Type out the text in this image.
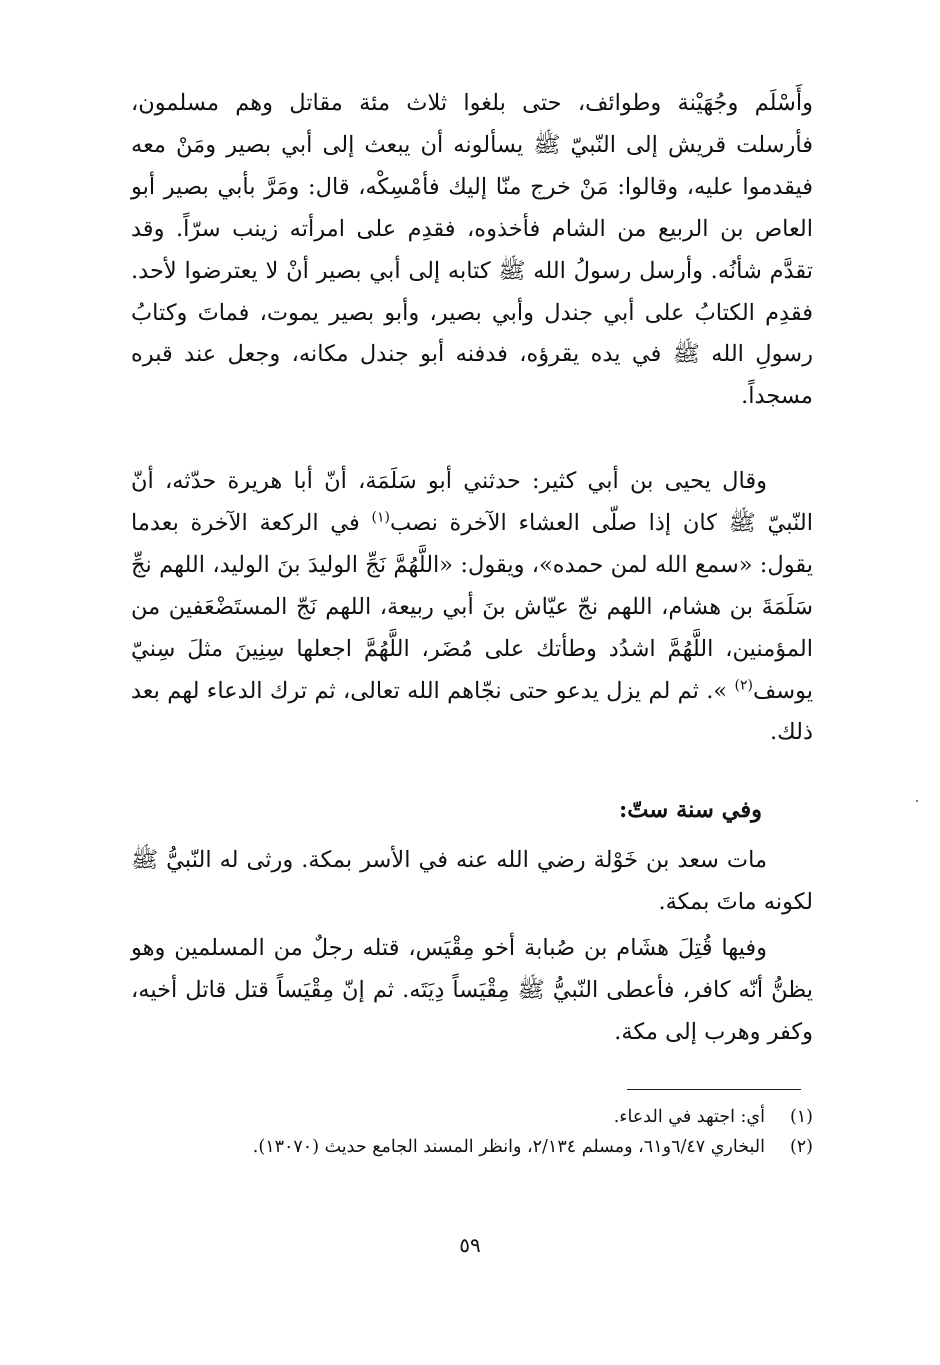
وأَسْلَم وجُهَيْنة وطوائف، حتى بلغوا ثلاث مئة مقاتل وهم مسلمون، فأرسلت قريش إلى النّبيّ ﷺ يسألونه أن يبعث إلى أبي بصير ومَنْ معه فيقدموا عليه، وقالوا: مَنْ خرج منّا إليك فأمْسِكْه، قال: ومَرَّ بأبي بصير أبو العاص بن الربيع من الشام فأخذوه، فقدِم على امرأته زينب سرّاً. وقد تقدَّم شأنُه. وأرسل رسولُ الله ﷺ كتابه إلى أبي بصير أنْ لا يعترضوا لأحد. فقدِم الكتابُ على أبي جندل وأبي بصير، وأبو بصير يموت، فماتَ وكتابُ رسولِ الله ﷺ في يده يقرؤه، فدفنه أبو جندل مكانه، وجعل عند قبره مسجداً.
وقال يحيى بن أبي كثير: حدثني أبو سَلَمَة، أنّ أبا هريرة حدّثه، أنّ النّبيّ ﷺ كان إذا صلّى العشاء الآخرة نصب$^{(١)}$ في الركعة الآخرة بعدما يقول: «سمع الله لمن حمده»، ويقول: «اللَّهُمَّ نَجِّ الوليدَ بنَ الوليد، اللهم نجِّ سَلَمَةَ بن هشام، اللهم نجّ عيّاش بنَ أبي ربيعة، اللهم نَجّ المستَضْعَفين من المؤمنين، اللَّهُمَّ اشدُد وطأتك على مُضَر، اللَّهُمَّ اجعلها سِنِينَ مثلَ سِنيّ يوسف$^{(٢)}$ ». ثم لم يزل يدعو حتى نجّاهم الله تعالى، ثم ترك الدعاء لهم بعد ذلك.
وفي سنة ستّ:
مات سعد بن خَوْلة رضي الله عنه في الأسر بمكة. ورثى له النّبيُّ ﷺ لكونه ماتَ بمكة.
وفيها قُتِلَ هشَام بن صُبابة أخو مِقْيَس، قتله رجلٌ من المسلمين وهو يظنُّ أنّه كافر، فأعطى النّبيُّ ﷺ مِقْيَساً دِيَتَه. ثم إنّ مِقْيَساً قتل قاتل أخيه، وكفر وهرب إلى مكة.
(١)
أي: اجتهد في الدعاء.
(٢)
البخاري ٦/٤٧و٦١، ومسلم ٢/١٣٤، وانظر المسند الجامع حديث (١٣٠٧٠).
٥٩
